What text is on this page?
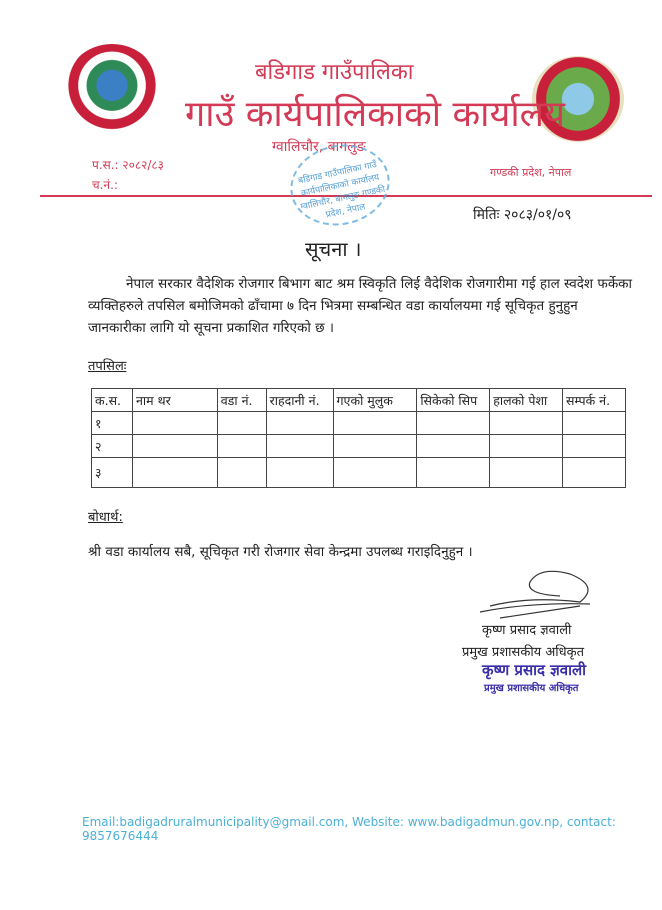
बडिगाड गाउँपालिका
गाउँ कार्यपालिकाको कार्यालय
ग्वालिचौर, बागलुङ
प.स.: २०८२/८३
च.नं.:
गण्डकी प्रदेश, नेपाल
बडिगाड गाउँपालिका गाउँ कार्यपालिकाको कार्यालय ग्वालिचौर, बागलुङ गण्डकी प्रदेश, नेपाल	मितिः २०८३/०१/०९
सूचना ।
नेपाल सरकार वैदेशिक रोजगार बिभाग बाट श्रम स्विकृति लिई वैदेशिक रोजगारीमा गई हाल स्वदेश फर्केका व्यक्तिहरुले तपसिल बमोजिमको ढाँचामा ७ दिन भित्रमा सम्बन्धित वडा कार्यालयमा गई सूचिकृत हुनुहुन जानकारीका लागि यो सूचना प्रकाशित गरिएको छ ।
तपसिलः
क.स.	नाम थर	वडा नं.	राहदानी नं.	गएको मुलुक	सिकेको सिप	हालको पेशा	सम्पर्क नं.
१							
२							
३							
बोधार्थ:
श्री वडा कार्यालय सबै, सूचिकृत गरी रोजगार सेवा केन्द्रमा उपलब्ध गराइदिनुहुन ।
कृष्ण प्रसाद ज्ञवाली
प्रमुख प्रशासकीय अधिकृत
कृष्ण प्रसाद ज्ञवाली
प्रमुख प्रशासकीय अधिकृत
Email:badigadruralmunicipality@gmail.com, Website: www.badigadmun.gov.np, contact: 9857676444
